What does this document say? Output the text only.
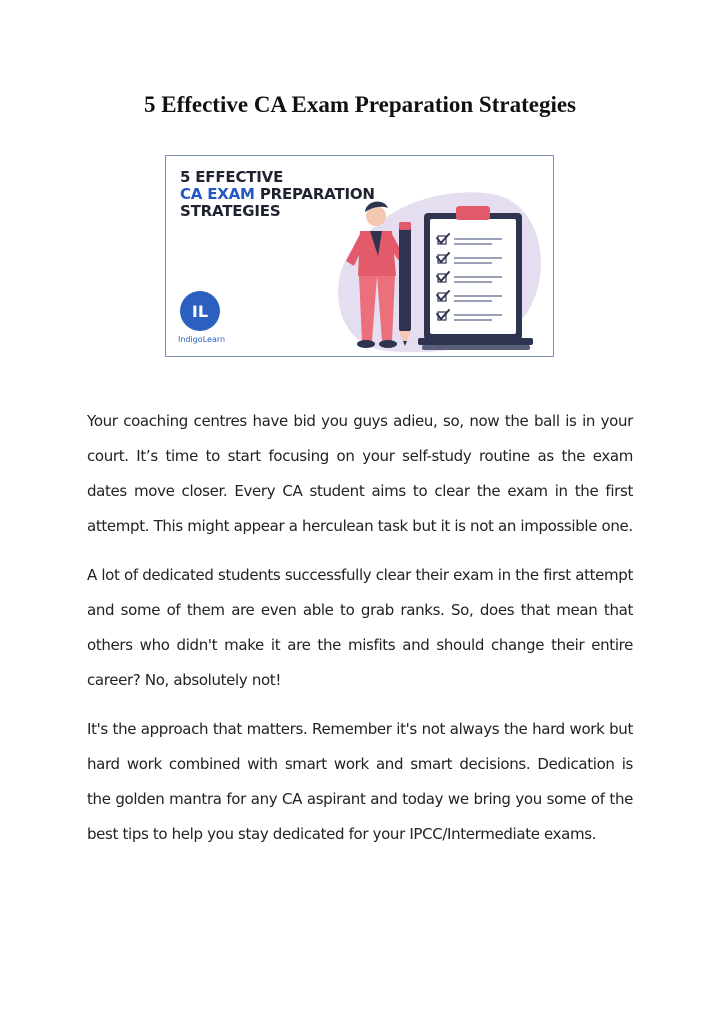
5 Effective CA Exam Preparation Strategies
5 EFFECTIVE
CA EXAM PREPARATION
STRATEGIES
IL
IndigoLearn

Your coaching centres have bid you guys adieu, so, now the ball is in your court. It’s time to start focusing on your self-study routine as the exam dates move closer. Every CA student aims to clear the exam in the first attempt. This might appear a herculean task but it is not an impossible one.

A lot of dedicated students successfully clear their exam in the first attempt and some of them are even able to grab ranks. So, does that mean that others who didn't make it are the misfits and should change their entire career? No, absolutely not!

It's the approach that matters. Remember it's not always the hard work but hard work combined with smart work and smart decisions. Dedication is the golden mantra for any CA aspirant and today we bring you some of the best tips to help you stay dedicated for your IPCC/Intermediate exams.
